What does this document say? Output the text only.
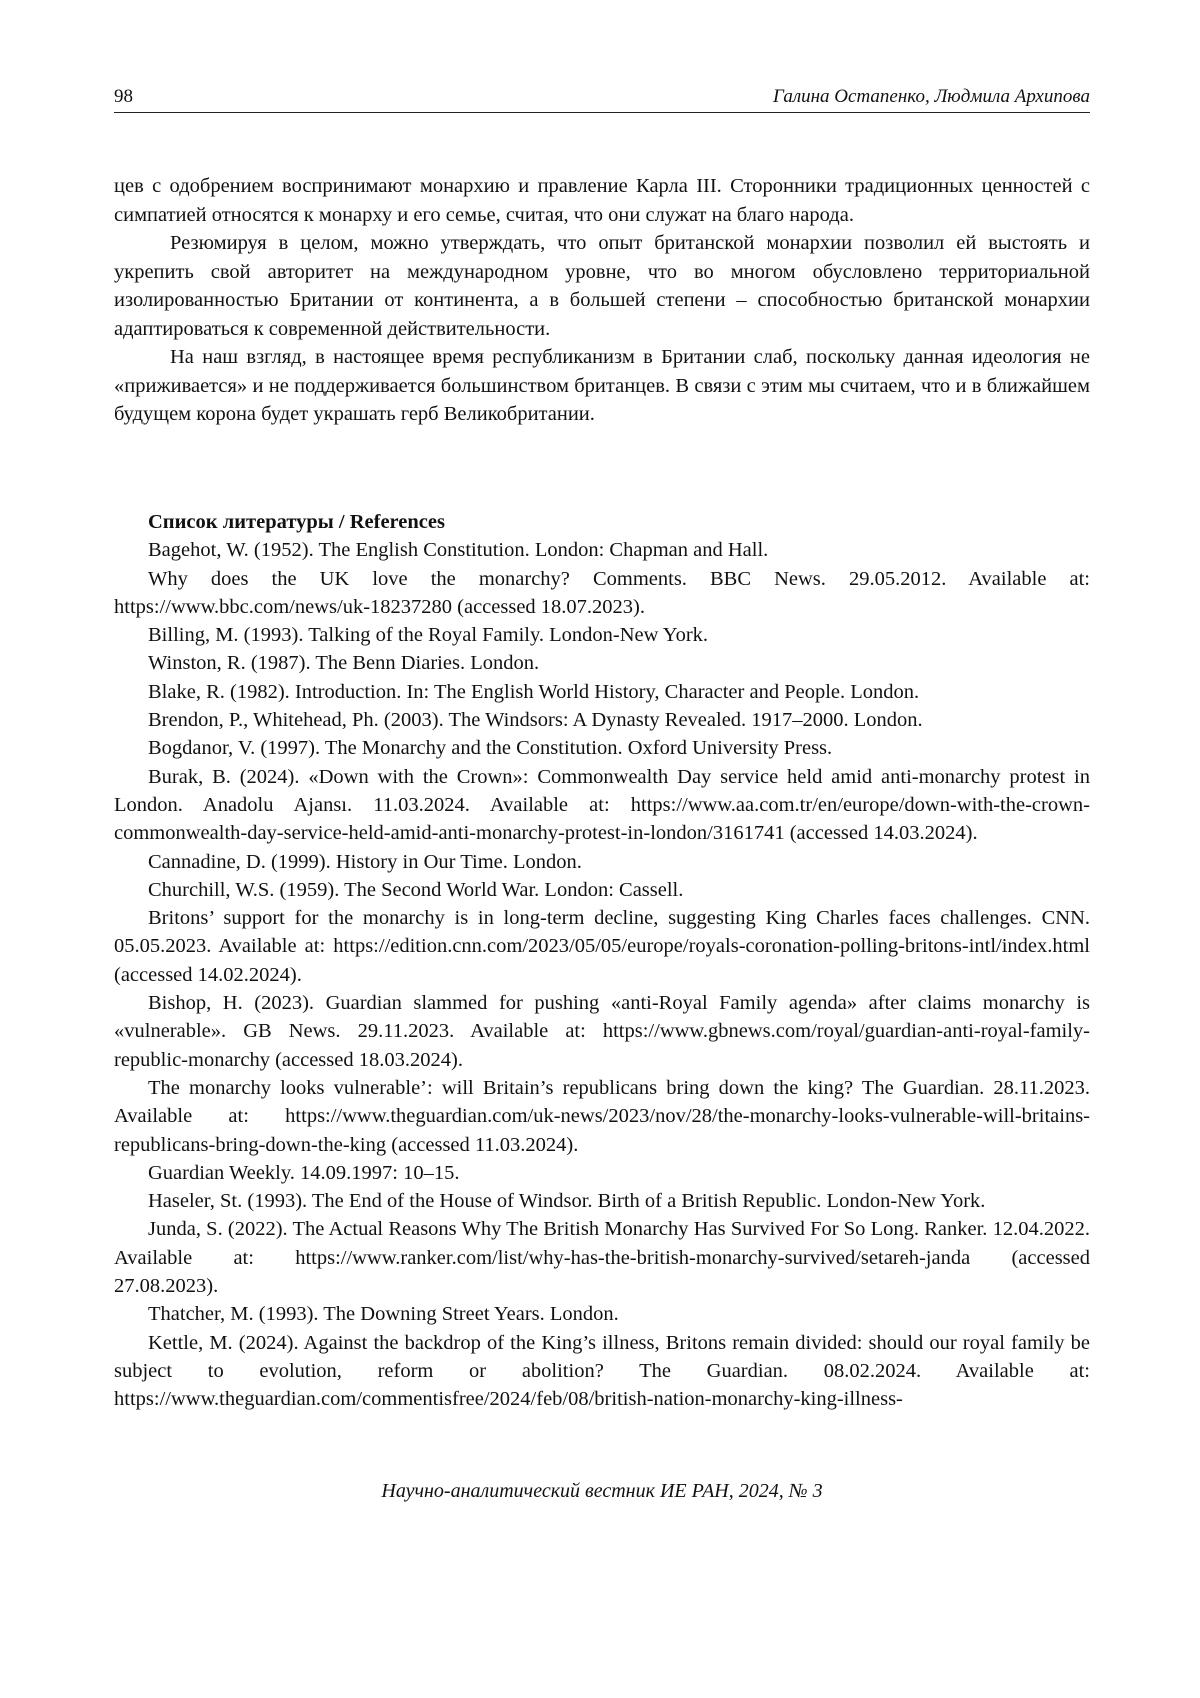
98	Галина Остапенко, Людмила Архипова

цев с одобрением воспринимают монархию и правление Карла III. Сторонники традиционных ценностей с симпатией относятся к монарху и его семье, считая, что они служат на благо народа.

Резюмируя в целом, можно утверждать, что опыт британской монархии позволил ей выстоять и укрепить свой авторитет на международном уровне, что во многом обусловлено территориальной изолированностью Британии от континента, а в большей степени – способностью британской монархии адаптироваться к современной действительности.

На наш взгляд, в настоящее время республиканизм в Британии слаб, поскольку данная идеология не «приживается» и не поддерживается большинством британцев. В связи с этим мы считаем, что и в ближайшем будущем корона будет украшать герб Великобритании.

Список литературы / References
Bagehot, W. (1952). The English Constitution. London: Chapman and Hall.
Why does the UK love the monarchy? Comments. BBC News. 29.05.2012. Available at: https://www.bbc.com/news/uk-18237280 (accessed 18.07.2023).
Billing, M. (1993). Talking of the Royal Family. London-New York.
Winston, R. (1987). The Benn Diaries. London.
Blake, R. (1982). Introduction. In: The English World History, Character and People. London.
Brendon, P., Whitehead, Ph. (2003). The Windsors: A Dynasty Revealed. 1917–2000. London.
Bogdanor, V. (1997). The Monarchy and the Constitution. Oxford University Press.
Burak, B. (2024). «Down with the Crown»: Commonwealth Day service held amid anti-monarchy protest in London. Anadolu Ajansı. 11.03.2024. Available at: https://www.aa.com.tr/en/europe/down-with-the-crown-commonwealth-day-service-held-amid-anti-monarchy-protest-in-london/3161741 (accessed 14.03.2024).
Cannadine, D. (1999). History in Our Time. London.
Churchill, W.S. (1959). The Second World War. London: Cassell.
Britons’ support for the monarchy is in long-term decline, suggesting King Charles faces challenges. CNN. 05.05.2023. Available at: https://edition.cnn.com/2023/05/05/europe/royals-coronation-polling-britons-intl/index.html (accessed 14.02.2024).
Bishop, H. (2023). Guardian slammed for pushing «anti-Royal Family agenda» after claims monarchy is «vulnerable». GB News. 29.11.2023. Available at: https://www.gbnews.com/royal/guardian-anti-royal-family-republic-monarchy (accessed 18.03.2024).
The monarchy looks vulnerable’: will Britain’s republicans bring down the king? The Guardian. 28.11.2023. Available at: https://www.theguardian.com/uk-news/2023/nov/28/the-monarchy-looks-vulnerable-will-britains-republicans-bring-down-the-king (accessed 11.03.2024).
Guardian Weekly. 14.09.1997: 10–15.
Haseler, St. (1993). The End of the House of Windsor. Birth of a British Republic. London-New York.
Junda, S. (2022). The Actual Reasons Why The British Monarchy Has Survived For So Long. Ranker. 12.04.2022. Available at: https://www.ranker.com/list/why-has-the-british-monarchy-survived/setareh-janda (accessed 27.08.2023).
Thatcher, M. (1993). The Downing Street Years. London.
Kettle, M. (2024). Against the backdrop of the King’s illness, Britons remain divided: should our royal family be subject to evolution, reform or abolition? The Guardian. 08.02.2024. Available at: https://www.theguardian.com/commentisfree/2024/feb/08/british-nation-monarchy-king-illness-
Научно-аналитический вестник ИЕ РАН, 2024, № 3
